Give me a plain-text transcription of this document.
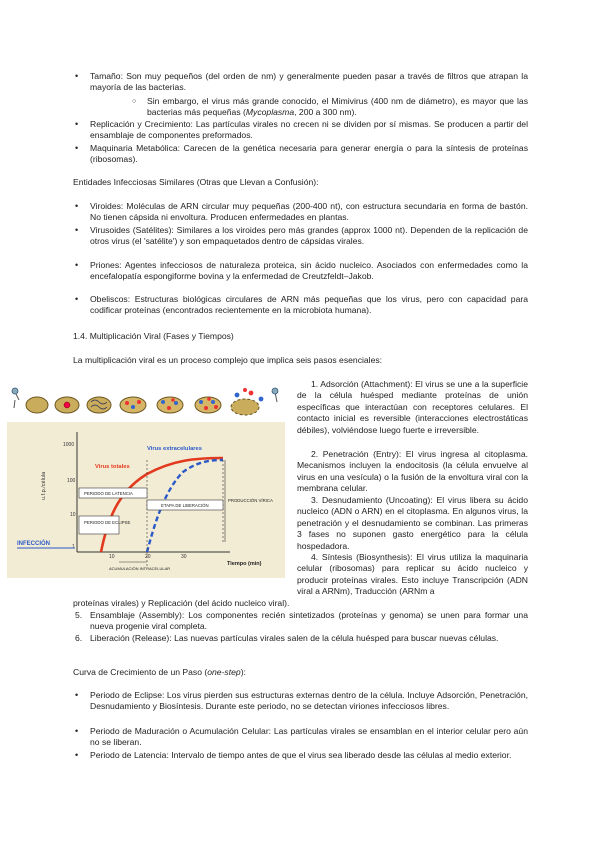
• Tamaño: Son muy pequeños (del orden de nm) y generalmente pueden pasar a través de filtros que atrapan la mayoría de las bacterias.
○ Sin embargo, el virus más grande conocido, el Mimivirus (400 nm de diámetro), es mayor que las bacterias más pequeñas (Mycoplasma, 200 a 300 nm).
• Replicación y Crecimiento: Las partículas virales no crecen ni se dividen por sí mismas. Se producen a partir del ensamblaje de componentes preformados.
• Maquinaria Metabólica: Carecen de la genética necesaria para generar energía o para la síntesis de proteínas (ribosomas).
Entidades Infecciosas Similares (Otras que Llevan a Confusión):
• Viroides: Moléculas de ARN circular muy pequeñas (200-400 nt), con estructura secundaria en forma de bastón. No tienen cápsida ni envoltura. Producen enfermedades en plantas.
• Virusoides (Satélites): Similares a los viroides pero más grandes (approx 1000 nt). Dependen de la replicación de otros virus (el 'satélite') y son empaquetados dentro de cápsidas virales.
• Priones: Agentes infecciosos de naturaleza proteica, sin ácido nucleico. Asociados con enfermedades como la encefalopatía espongiforme bovina y la enfermedad de Creutzfeldt–Jakob.
• Obeliscos: Estructuras biológicas circulares de ARN más pequeñas que los virus, pero con capacidad para codificar proteínas (encontrados recientemente en la microbiota humana).
1.4. Multiplicación Viral (Fases y Tiempos)
La multiplicación viral es un proceso complejo que implica seis pasos esenciales:
u.f.p./célula
1000
100
10
1
10	20	30
Tiempo (min)
Virus totales
Virus extracelulares
PERIODO DE LATENCIA
PERIODO DE ECLIPSE
ETAPA DE LIBERACIÓN
PRODUCCIÓN VÍRICA
INFECCIÓN
ACUMULACIÓN INTRACELULAR
1. Adsorción (Attachment): El virus se une a la superficie de la célula huésped mediante proteínas de unión específicas que interactúan con receptores celulares. El contacto inicial es reversible (interacciones electrostáticas débiles), volviéndose luego fuerte e irreversible.
2. Penetración (Entry): El virus ingresa al citoplasma. Mecanismos incluyen la endocitosis (la célula envuelve al virus en una vesícula) o la fusión de la envoltura viral con la membrana celular.
3. Desnudamiento (Uncoating): El virus libera su ácido nucleico (ADN o ARN) en el citoplasma. En algunos virus, la penetración y el desnudamiento se combinan. Las primeras 3 fases no suponen gasto energético para la célula hospedadora.
4. Síntesis (Biosynthesis): El virus utiliza la maquinaria celular (ribosomas) para replicar su ácido nucleico y producir proteínas virales. Esto incluye Transcripción (ADN viral a ARNm), Traducción (ARNm a
proteínas virales) y Replicación (del ácido nucleico viral).
5. Ensamblaje (Assembly): Los componentes recién sintetizados (proteínas y genoma) se unen para formar una nueva progenie viral completa.
6. Liberación (Release): Las nuevas partículas virales salen de la célula huésped para buscar nuevas células.
Curva de Crecimiento de un Paso (one-step):
• Periodo de Eclipse: Los virus pierden sus estructuras externas dentro de la célula. Incluye Adsorción, Penetración, Desnudamiento y Biosíntesis. Durante este periodo, no se detectan viriones infecciosos libres.
• Periodo de Maduración o Acumulación Celular: Las partículas virales se ensamblan en el interior celular pero aún no se liberan.
• Periodo de Latencia: Intervalo de tiempo antes de que el virus sea liberado desde las células al medio exterior.
